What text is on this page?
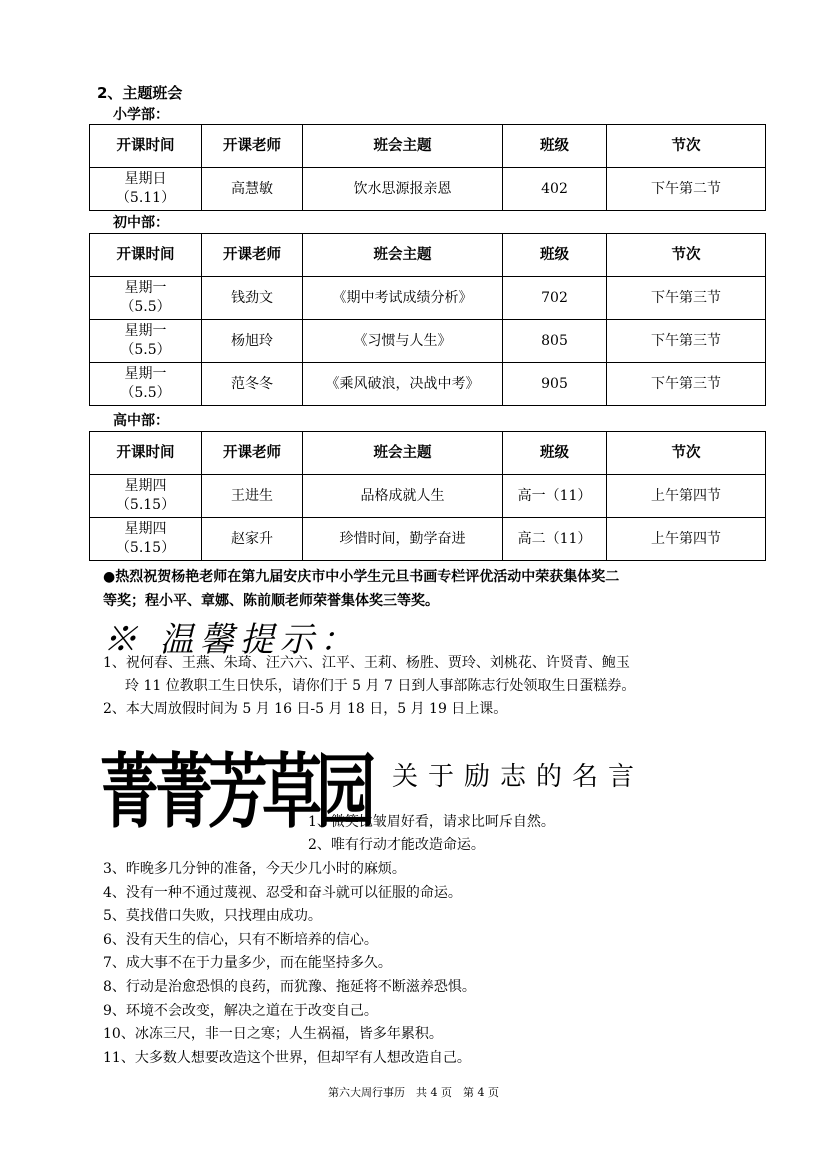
2、主题班会
小学部：
开课时间	开课老师	班会主题	班级	节次
星期日
（5.11）	高慧敏	饮水思源报亲恩	402	下午第二节
初中部：
开课时间	开课老师	班会主题	班级	节次
星期一
（5.5）	钱劲文	《期中考试成绩分析》	702	下午第三节
星期一
（5.5）	杨旭玲	《习惯与人生》	805	下午第三节
星期一
（5.5）	范冬冬	《乘风破浪，决战中考》	905	下午第三节
高中部：
开课时间	开课老师	班会主题	班级	节次
星期四
（5.15）	王进生	品格成就人生	高一（11）	上午第四节
星期四
（5.15）	赵家升	珍惜时间，勤学奋进	高二（11）	上午第四节
●热烈祝贺杨艳老师在第九届安庆市中小学生元旦书画专栏评优活动中荣获集体奖二
等奖；程小平、章娜、陈前顺老师荣誉集体奖三等奖。
※ 温馨提示：
1、祝何春、王燕、朱琦、汪六六、江平、王莉、杨胜、贾玲、刘桃花、许贤青、鲍玉
玲 11 位教职工生日快乐，请你们于 5 月 7 日到人事部陈志行处领取生日蛋糕券。
2、本大周放假时间为 5 月 16 日-5 月 18 日，5 月 19 日上课。
菁菁芳草园 关于励志的名言
1、微笑比皱眉好看，请求比呵斥自然。
2、唯有行动才能改造命运。
3、昨晚多几分钟的准备，今天少几小时的麻烦。
4、没有一种不通过蔑视、忍受和奋斗就可以征服的命运。
5、莫找借口失败，只找理由成功。
6、没有天生的信心，只有不断培养的信心。
7、成大事不在于力量多少，而在能坚持多久。
8、行动是治愈恐惧的良药，而犹豫、拖延将不断滋养恐惧。
9、环境不会改变，解决之道在于改变自己。
10、冰冻三尺，非一日之寒；人生祸福，皆多年累积。
11、大多数人想要改造这个世界，但却罕有人想改造自己。
第六大周行事历　共 4 页　第 4 页
